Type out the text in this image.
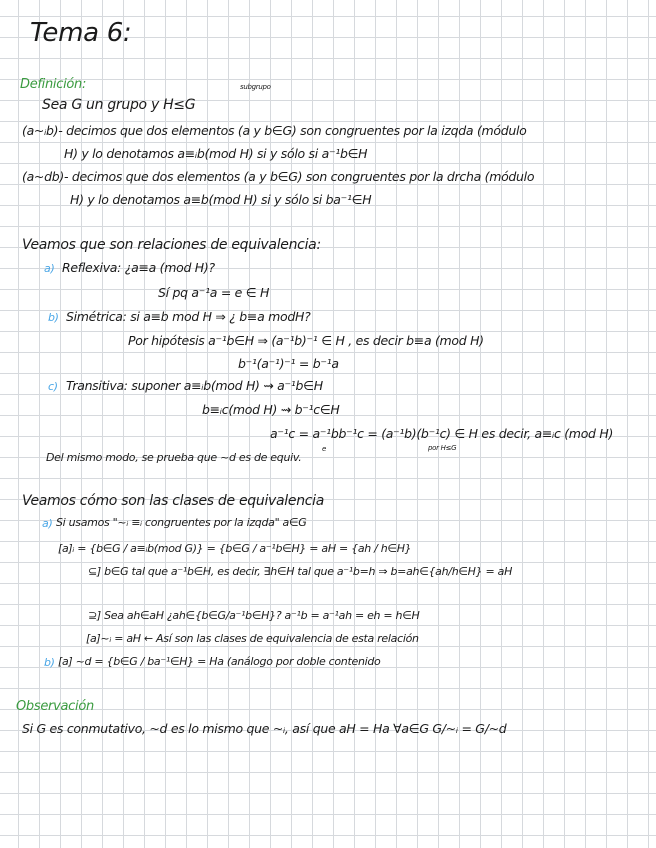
Tema 6:
Definición:	subgrupo
Sea G un grupo y H≤G
(a~ᵢb)- decimos que dos elementos (a y b∈G) son congruentes por la izqda (módulo
H) y lo denotamos a≡ᵢb(mod H) si y sólo si a⁻¹b∈H
(a~db)- decimos que dos elementos (a y b∈G) son congruentes por la drcha (módulo
H) y lo denotamos a≡b(mod H) si y sólo si ba⁻¹∈H
Veamos que son relaciones de equivalencia:
a) Reflexiva: ¿a≡a (mod H)?
Sí pq a⁻¹a = e ∈ H
b) Simétrica: si a≡b mod H ⇒ ¿ b≡a modH?
Por hipótesis a⁻¹b∈H ⇒ (a⁻¹b)⁻¹ ∈ H , es decir b≡a (mod H)
b⁻¹(a⁻¹)⁻¹ = b⁻¹a
c) Transitiva: suponer a≡ᵢb(mod H) ⇝ a⁻¹b∈H
b≡ᵢc(mod H) ⇝ b⁻¹c∈H
a⁻¹c = a⁻¹bb⁻¹c = (a⁻¹b)(b⁻¹c) ∈ H es decir, a≡ᵢc (mod H)
por H≤G
e
Del mismo modo, se prueba que ~d es de equiv.
Veamos cómo son las clases de equivalencia
a) Si usamos "~ᵢ ≡ᵢ congruentes por la izqda" a∈G
[a]ᵢ = {b∈G / a≡ᵢb(mod G)} = {b∈G / a⁻¹b∈H} = aH = {ah / h∈H}
⊆] b∈G tal que a⁻¹b∈H, es decir, ∃h∈H tal que a⁻¹b=h ⇒ b=ah∈{ah/h∈H} = aH
⊇] Sea ah∈aH ¿ah∈{b∈G/a⁻¹b∈H}? a⁻¹b = a⁻¹ah = eh = h∈H
[a]~ᵢ = aH ← Así son las clases de equivalencia de esta relación
b) [a] ~d = {b∈G / ba⁻¹∈H} = Ha (análogo por doble contenido
Observación
Si G es conmutativo, ~d es lo mismo que ~ᵢ, así que aH = Ha ∀a∈G G/~ᵢ = G/~d
